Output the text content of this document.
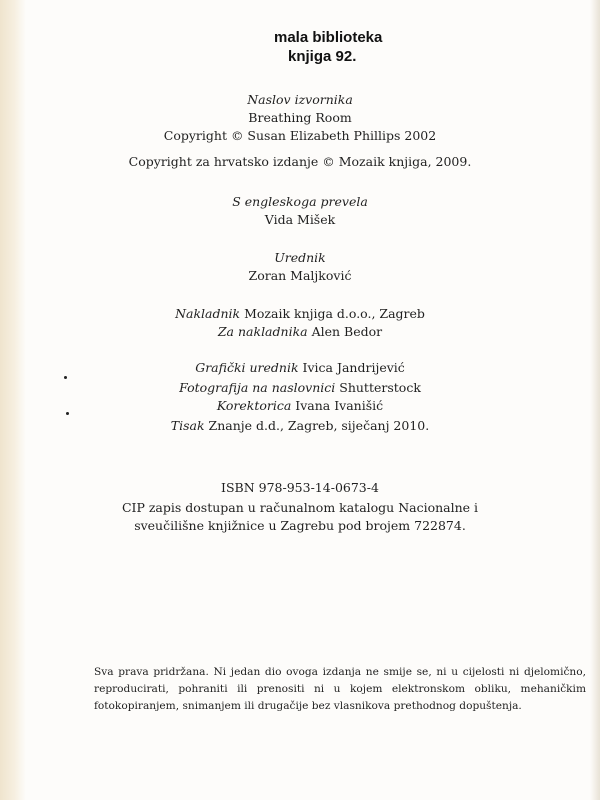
mala biblioteka
knjiga 92.
Naslov izvornika
Breathing Room
Copyright © Susan Elizabeth Phillips 2002
Copyright za hrvatsko izdanje © Mozaik knjiga, 2009.
S engleskoga prevela
Vida Mišek
Urednik
Zoran Maljković
Nakladnik Mozaik knjiga d.o.o., Zagreb
Za nakladnika Alen Bedor
Grafički urednik Ivica Jandrijević
Fotografija na naslovnici Shutterstock
Korektorica Ivana Ivanišić
Tisak Znanje d.d., Zagreb, siječanj 2010.
ISBN 978-953-14-0673-4
CIP zapis dostupan u računalnom katalogu Nacionalne i
sveučilišne knjižnice u Zagrebu pod brojem 722874.
Sva prava pridržana. Ni jedan dio ovoga izdanja ne smije se, ni u cijelosti ni djelomično, reproducirati, pohraniti ili prenositi ni u kojem elektronskom obliku, mehaničkim fotokopiranjem, snimanjem ili drugačije bez vlasnikova prethodnog dopuštenja.
